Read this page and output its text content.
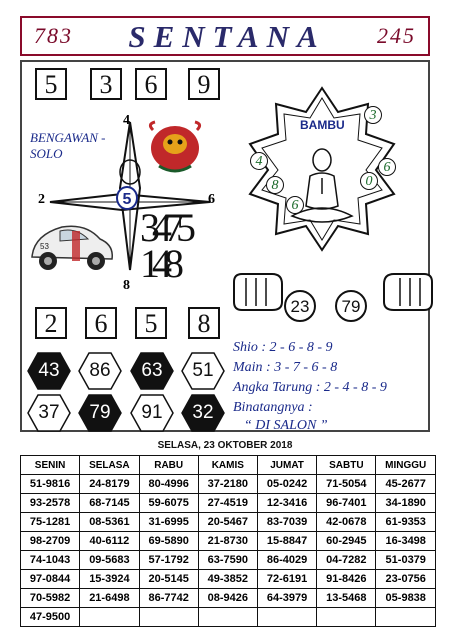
783	SENTANA	245
5	3	6	9
4
2	6
8
5
BENGAWAN - SOLO
53 3475 148
BAMBU
3
6
0
8
6
4
23	79
2	6	5	8
43	86	63	51
37	79	91	32
Shio : 2 - 6 - 8 - 9
Main : 3 - 7 - 6 - 8
Angka Tarung : 2 - 4 - 8 - 9
Binatangnya :
“ DI SALON ”
SELASA, 23 OKTOBER 2018
SENIN	SELASA	RABU	KAMIS	JUMAT	SABTU	MINGGU
51-9816	24-8179	80-4996	37-2180	05-0242	71-5054	45-2677
93-2578	68-7145	59-6075	27-4519	12-3416	96-7401	34-1890
75-1281	08-5361	31-6995	20-5467	83-7039	42-0678	61-9353
98-2709	40-6112	69-5890	21-8730	15-8847	60-2945	16-3498
74-1043	09-5683	57-1792	63-7590	86-4029	04-7282	51-0379
97-0844	15-3924	20-5145	49-3852	72-6191	91-8426	23-0756
70-5982	21-6498	86-7742	08-9426	64-3979	13-5468	05-9838
47-9500						
